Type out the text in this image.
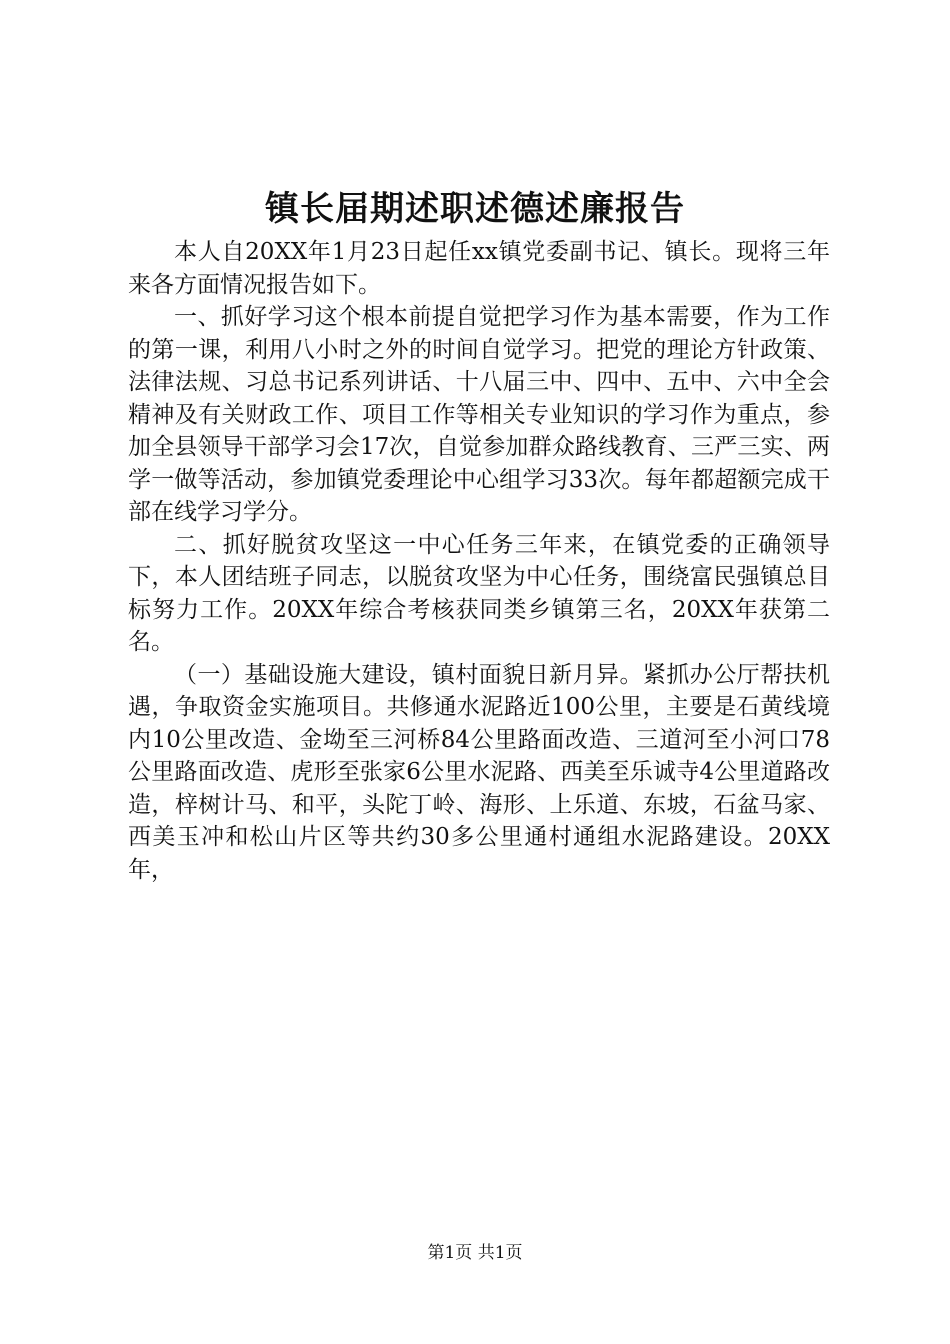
镇长届期述职述德述廉报告

本人自20XX年1月23日起任xx镇党委副书记、镇长。现将三年来各方面情况报告如下。

一、抓好学习这个根本前提自觉把学习作为基本需要，作为工作的第一课，利用八小时之外的时间自觉学习。把党的理论方针政策、法律法规、习总书记系列讲话、十八届三中、四中、五中、六中全会精神及有关财政工作、项目工作等相关专业知识的学习作为重点，参加全县领导干部学习会17次，自觉参加群众路线教育、三严三实、两学一做等活动，参加镇党委理论中心组学习33次。每年都超额完成干部在线学习学分。

二、抓好脱贫攻坚这一中心任务三年来，在镇党委的正确领导下，本人团结班子同志，以脱贫攻坚为中心任务，围绕富民强镇总目标努力工作。20XX年综合考核获同类乡镇第三名，20XX年获第二名。

（一）基础设施大建设，镇村面貌日新月异。紧抓办公厅帮扶机遇，争取资金实施项目。共修通水泥路近100公里，主要是石黄线境内10公里改造、金坳至三河桥84公里路面改造、三道河至小河口78公里路面改造、虎形至张家6公里水泥路、西美至乐诚寺4公里道路改造，梓树计马、和平，头陀丁岭、海形、上乐道、东坡，石盆马家、西美玉冲和松山片区等共约30多公里通村通组水泥路建设。20XX年，

第1页 共1页
